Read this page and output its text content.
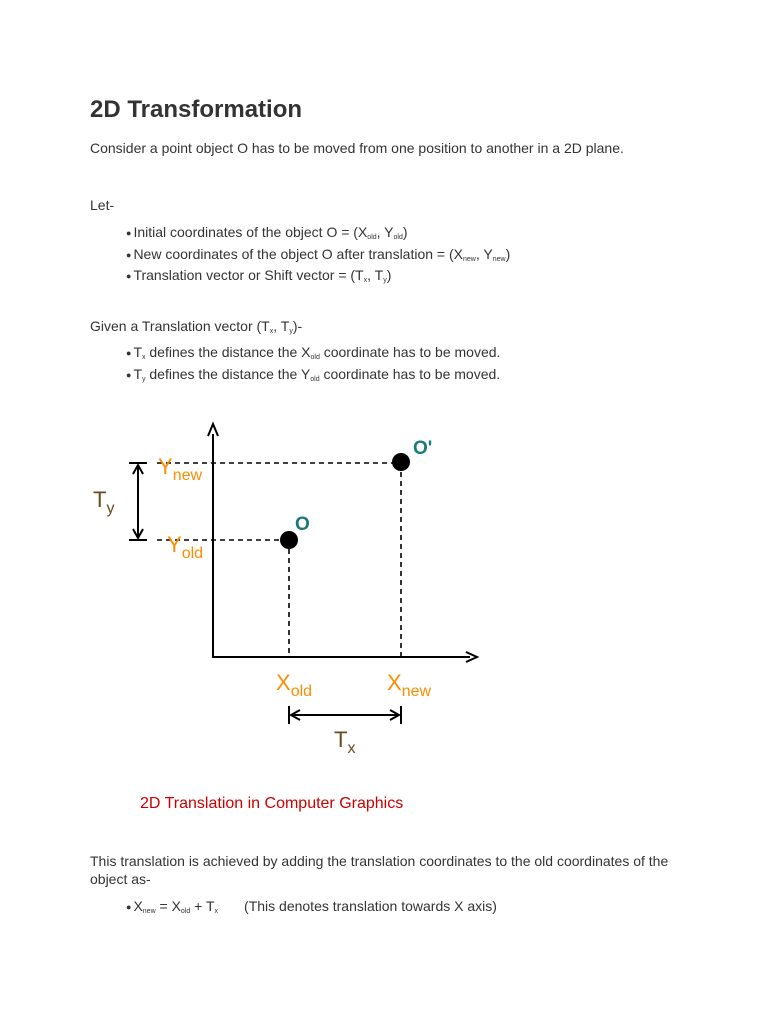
2D Transformation

Consider a point object O has to be moved from one position to another in a 2D plane.

Let-

● Initial coordinates of the object $O = (X_{old}$, $Y_{old}$)
● New coordinates of the object O after translation = ($X_{new}$, $Y_{new}$)
● Translation vector or Shift vector = ($T_x$, $T_y$)

Given a Translation vector ($T_x$, $T_y)-$

● $T_x$ defines the distance the $X_{old}$ coordinate has to be moved.
● $T_y$ defines the distance the $Y_{old}$ coordinate has to be moved.
$T_y$
$Y_{new}$
$Y_{old}$
$X_{old}$	$X_{new}$
$T_x$
O
O'

2D Translation in Computer Graphics

This translation is achieved by adding the translation coordinates to the old coordinates of the object as-

● $X_{new} = X_{old} + T_x$ (This denotes translation towards X axis)
